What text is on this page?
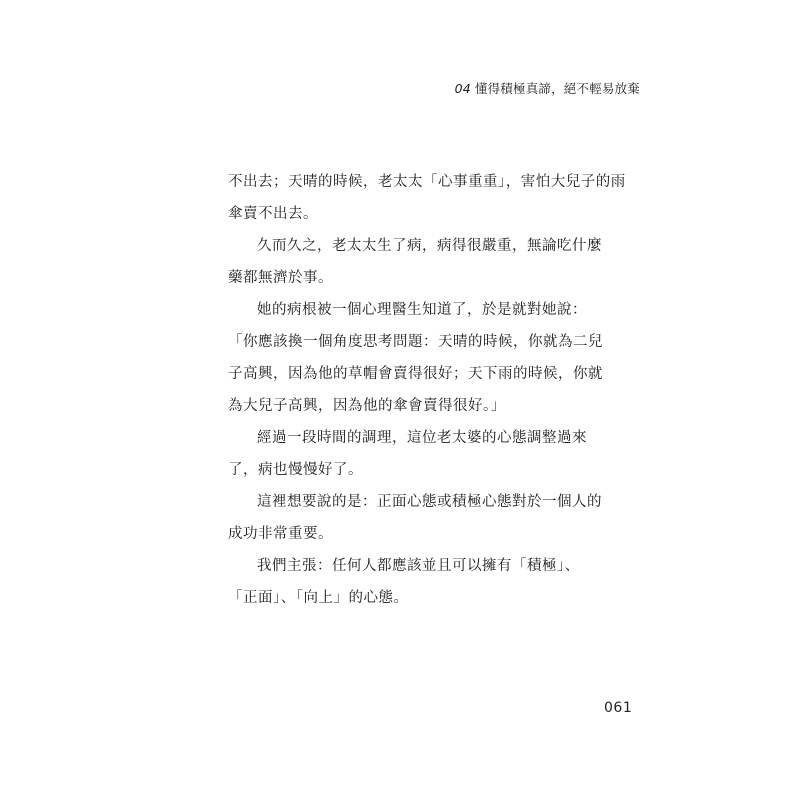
04 懂得積極真諦，絕不輕易放棄
不出去；天晴的時候，老太太「心事重重」，害怕大兒子的雨
傘賣不出去。
久而久之，老太太生了病，病得很嚴重，無論吃什麼
藥都無濟於事。
她的病根被一個心理醫生知道了，於是就對她說：
「你應該換一個角度思考問題：天晴的時候，你就為二兒
子高興，因為他的草帽會賣得很好；天下雨的時候，你就
為大兒子高興，因為他的傘會賣得很好。」
經過一段時間的調理，這位老太婆的心態調整過來
了，病也慢慢好了。
這裡想要說的是：正面心態或積極心態對於一個人的
成功非常重要。
我們主張：任何人都應該並且可以擁有「積極」、
「正面」、「向上」的心態。
061
